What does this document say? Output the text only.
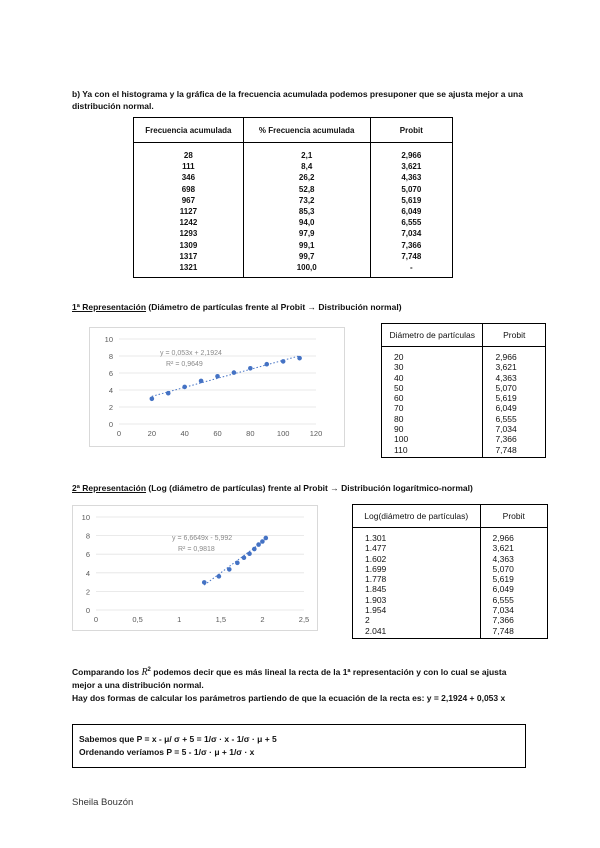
b) Ya con el histograma y la gráfica de la frecuencia acumulada podemos presuponer que se ajusta mejor a una
distribución normal.
Frecuencia acumulada	% Frecuencia acumulada	Probit
28	2,1	2,966
111	8,4	3,621
346	26,2	4,363
698	52,8	5,070
967	73,2	5,619
1127	85,3	6,049
1242	94,0	6,555
1293	97,9	7,034
1309	99,1	7,366
1317	99,7	7,748
1321	100,0	-
1ª Representación (Diámetro de partículas frente al Probit → Distribución normal)
0
2
4
6
8
10
0	20	40	60	80	100	120
y = 0,053x + 2,1924
R² = 0,9649
Diámetro de partículas	Probit
20	2,966
30	3,621
40	4,363
50	5,070
60	5,619
70	6,049
80	6,555
90	7,034
100	7,366
110	7,748
2ª Representación (Log (diámetro de partículas) frente al Probit → Distribución logarítmico-normal)
0
2
4
6
8
10
0	0,5	1	1,5	2	2,5
y = 6,6649x - 5,992
R² = 0,9818
Log(diámetro de partículas)	Probit
1.301	2,966
1.477	3,621
1.602	4,363
1.699	5,070
1.778	5,619
1.845	6,049
1.903	6,555
1.954	7,034
2	7,366
2.041	7,748
Comparando los $R^2$ podemos decir que es más lineal la recta de la 1ª representación y con lo cual se ajusta
mejor a una distribución normal.
Hay dos formas de calcular los parámetros partiendo de que la ecuación de la recta es: y = 2,1924 + 0,053 x
Sabemos que P = x - μ/ σ + 5 = 1/σ · x - 1/σ · μ + 5
Ordenando veríamos P = 5 - 1/σ · μ + 1/σ · x
Sheila Bouzón
